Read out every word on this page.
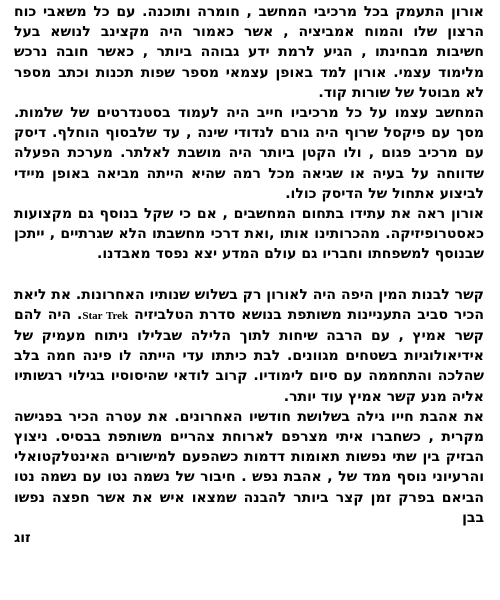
אורון התעמק בכל מרכיבי המחשב , חומרה ותוכנה. עם כל משאבי כוח הרצון שלו והמוח אמביציה , אשר כאמור היה מקצינב לנושא בעל חשיבות מבחינתו , הגיע לרמת ידע גבוהה ביותר , כאשר חובה נרכש מלימוד עצמי. אורון למד באופן עצמאי מספר שפות תכנות וכתב מספר לא מבוטל של שורות קוד.

המחשב עצמו על כל מרכיביו חייב היה לעמוד בסטנדרטים של שלמות. מסך עם פיקסל שרוף היה גורם לנדודי שינה , עד שלבסוף הוחלף. דיסק עם מרכיב פגום , ולו הקטן ביותר היה מושבת לאלתר. מערכת הפעלה שדווחה על בעיה או שגיאה מכל רמה שהיא הייתה מביאה באופן מיידי לביצוע אתחול של הדיסק כולו.

אורון ראה את עתידו בתחום המחשבים , אם כי שקל בנוסף גם מקצועות כאסטרופיזיקה. מהכרותינו אותו ,ואת דרכי מחשבתו הלא שגרתיים , ייתכן שבנוסף למשפחתו וחבריו גם עולם המדע יצא נפסד מאבדנו.

קשר לבנות המין היפה היה לאורון רק בשלוש שנותיו האחרונות. את ליאת הכיר סביב התעניינות משותפת בנושא סדרת הטלביזיה Star Trek. היה להם קשר אמיץ , עם הרבה שיחות לתוך הלילה שבלילו ניתוח מעמיק של אידיאולוגיות בשטחים מגוונים. לבת כיתתו עדי הייתה לו פינה חמה בלב שהלכה והתחממה עם סיום לימודיו. קרוב לודאי שהיסוסיו בגילוי רגשותיו אליה מנע קשר אמיץ עוד יותר.

את אהבת חייו גילה בשלושת חודשיו האחרונים. את עטרה הכיר בפגישה מקרית , כשחברו איתי מצרפם לארוחת צהריים משותפת בבסיס. ניצוץ הבזיק בין שתי נפשות תאומות דדמות כשהפעם למישורים האינטלקטואלי והרעיוני נוסף ממד של , אהבת נפש . חיבור של נשמה נטו עם נשמה נטו הביאם בפרק זמן קצר ביותר להבנה שמצאו איש את אשר חפצה נפשו בבן

זוג
